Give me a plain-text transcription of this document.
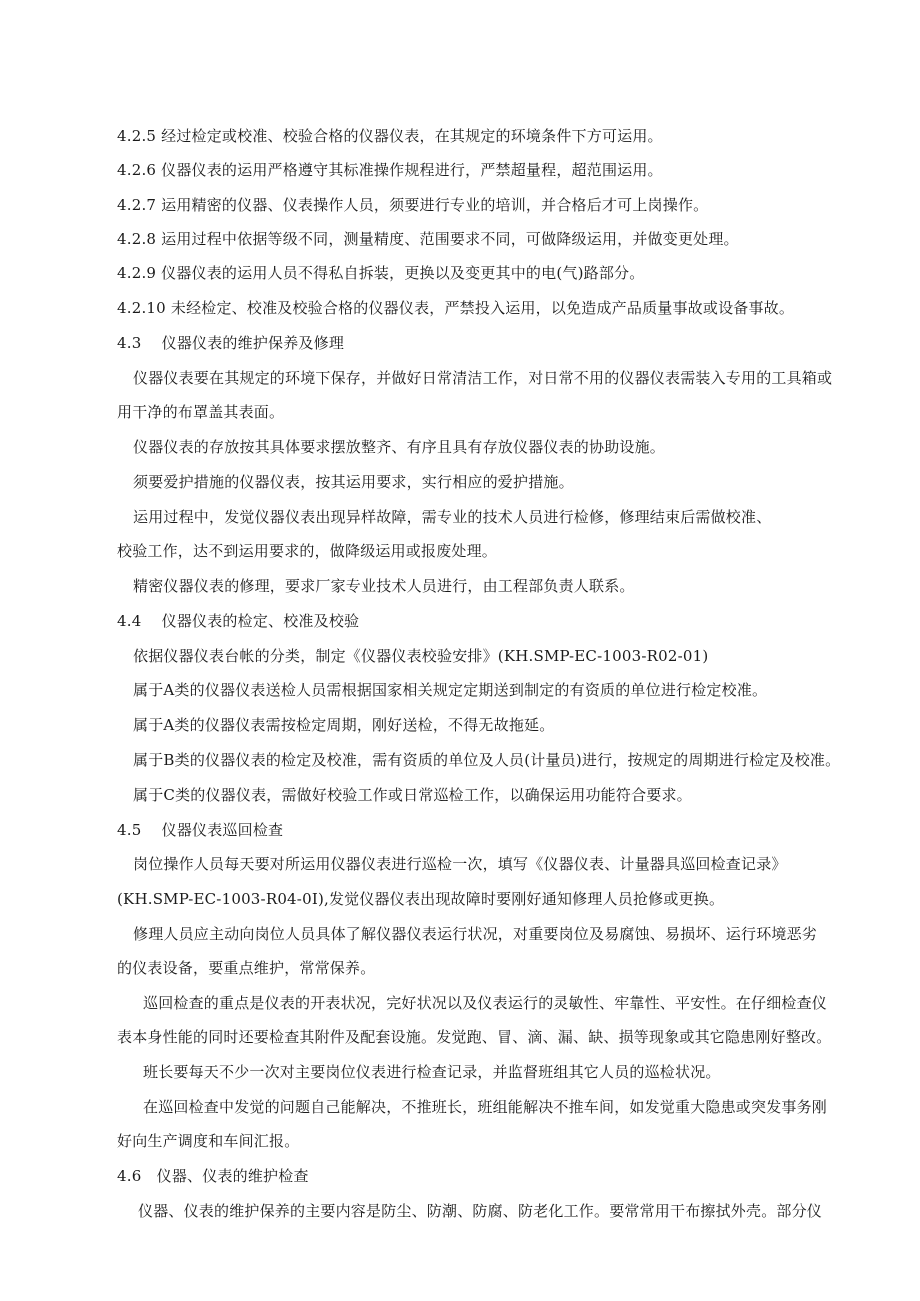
4.2.5 经过检定或校准、校验合格的仪器仪表，在其规定的环境条件下方可运用。
4.2.6 仪器仪表的运用严格遵守其标准操作规程进行，严禁超量程，超范围运用。
4.2.7 运用精密的仪器、仪表操作人员，须要进行专业的培训，并合格后才可上岗操作。
4.2.8 运用过程中依据等级不同，测量精度、范围要求不同，可做降级运用，并做变更处理。
4.2.9 仪器仪表的运用人员不得私自拆装，更换以及变更其中的电(气)路部分。
4.2.10 未经检定、校准及校验合格的仪器仪表，严禁投入运用，以免造成产品质量事故或设备事故。
4.3　 仪器仪表的维护保养及修理
仪器仪表要在其规定的环境下保存，并做好日常清洁工作，对日常不用的仪器仪表需装入专用的工具箱或
用干净的布罩盖其表面。
仪器仪表的存放按其具体要求摆放整齐、有序且具有存放仪器仪表的协助设施。
须要爱护措施的仪器仪表，按其运用要求，实行相应的爱护措施。
运用过程中，发觉仪器仪表出现异样故障，需专业的技术人员进行检修，修理结束后需做校准、
校验工作，达不到运用要求的，做降级运用或报废处理。
精密仪器仪表的修理，要求厂家专业技术人员进行，由工程部负责人联系。
4.4　 仪器仪表的检定、校准及校验
依据仪器仪表台帐的分类，制定《仪器仪表校验安排》(KH.SMP-EC-1003-R02-01)
属于A类的仪器仪表送检人员需根据国家相关规定定期送到制定的有资质的单位进行检定校准。
属于A类的仪器仪表需按检定周期，刚好送检，不得无故拖延。
属于B类的仪器仪表的检定及校准，需有资质的单位及人员(计量员)进行，按规定的周期进行检定及校准。
属于C类的仪器仪表，需做好校验工作或日常巡检工作，以确保运用功能符合要求。
4.5　 仪器仪表巡回检查
岗位操作人员每天要对所运用仪器仪表进行巡检一次，填写《仪器仪表、计量器具巡回检查记录》
(KH.SMP-EC-1003-R04-0I),发觉仪器仪表出现故障时要刚好通知修理人员抢修或更换。
修理人员应主动向岗位人员具体了解仪器仪表运行状况，对重要岗位及易腐蚀、易损坏、运行环境恶劣
的仪表设备，要重点维护，常常保养。
巡回检查的重点是仪表的开表状况，完好状况以及仪表运行的灵敏性、牢靠性、平安性。在仔细检查仪
表本身性能的同时还要检查其附件及配套设施。发觉跑、冒、滴、漏、缺、损等现象或其它隐患刚好整改。
班长要每天不少一次对主要岗位仪表进行检查记录，并监督班组其它人员的巡检状况。
在巡回检查中发觉的问题自己能解决，不推班长，班组能解决不推车间，如发觉重大隐患或突发事务刚
好向生产调度和车间汇报。
4.6　仪器、仪表的维护检查
仪器、仪表的维护保养的主要内容是防尘、防潮、防腐、防老化工作。要常常用干布擦拭外壳。部分仪
